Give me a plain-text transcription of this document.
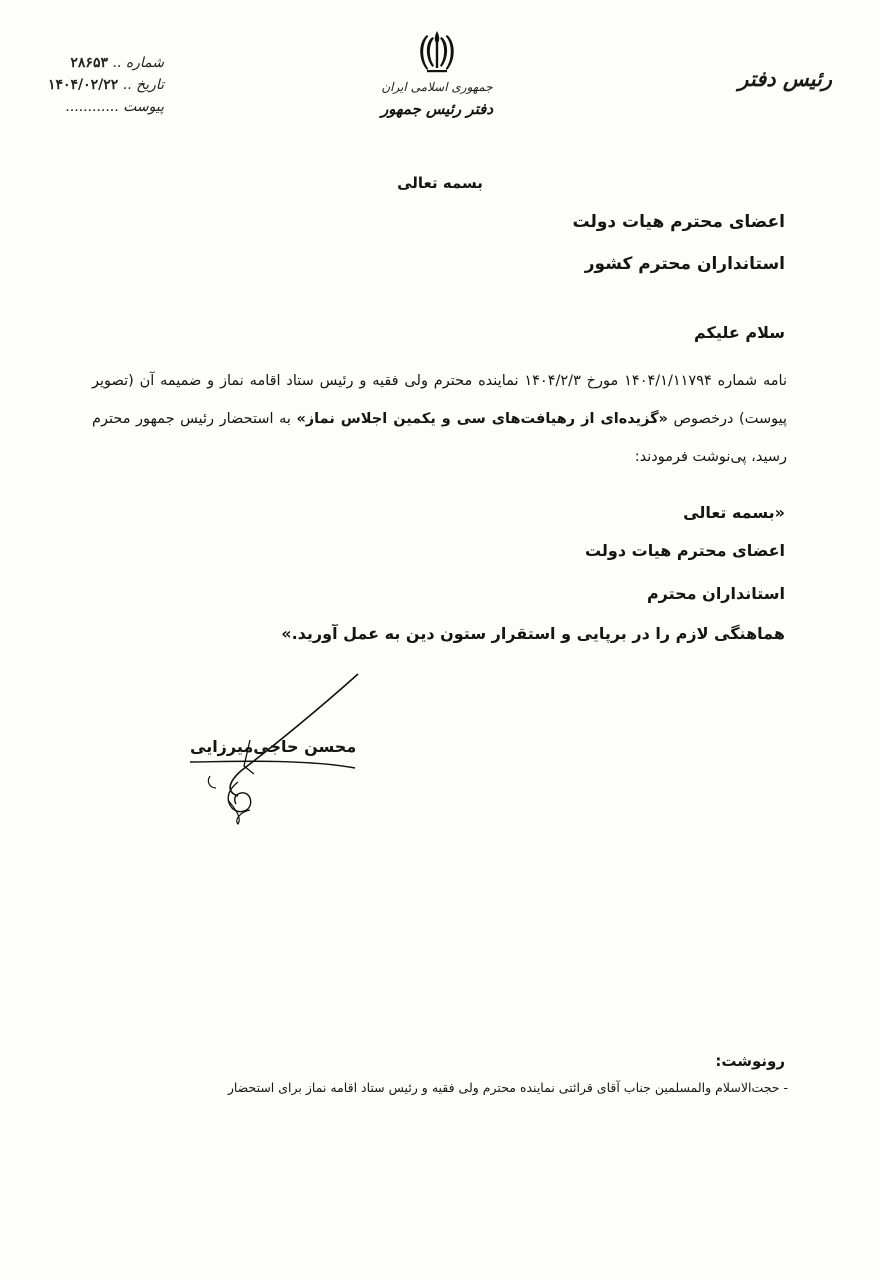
شماره .. ۲۸۶۵۳
تاریخ .. ۱۴۰۴/۰۲/۲۲
پیوست ............
جمهوری اسلامی ایران
دفتر رئیس جمهور
رئیس دفتر
بسمه تعالی
اعضای محترم هیات دولت
استانداران محترم کشور
سلام علیکم

نامه شماره ۱۴۰۴/۱/۱۱۷۹۴ مورخ ۱۴۰۴/۲/۳ نماینده محترم ولی فقیه و رئیس ستاد اقامه نماز و ضمیمه آن (تصویر پیوست) درخصوص «گزیده‌ای از رهیافت‌های سی و یکمین اجلاس نماز» به استحضار رئیس جمهور محترم رسید، پی‌نوشت فرمودند:

«بسمه تعالی
اعضای محترم هیات دولت
استانداران محترم
هماهنگی لازم را در برپایی و استقرار ستون دین به عمل آورید.»
محسن حاجی‌میرزایی
رونوشت:
- حجت‌الاسلام والمسلمین جناب آقای قرائتی نماینده محترم ولی فقیه و رئیس ستاد اقامه نماز برای استحضار
